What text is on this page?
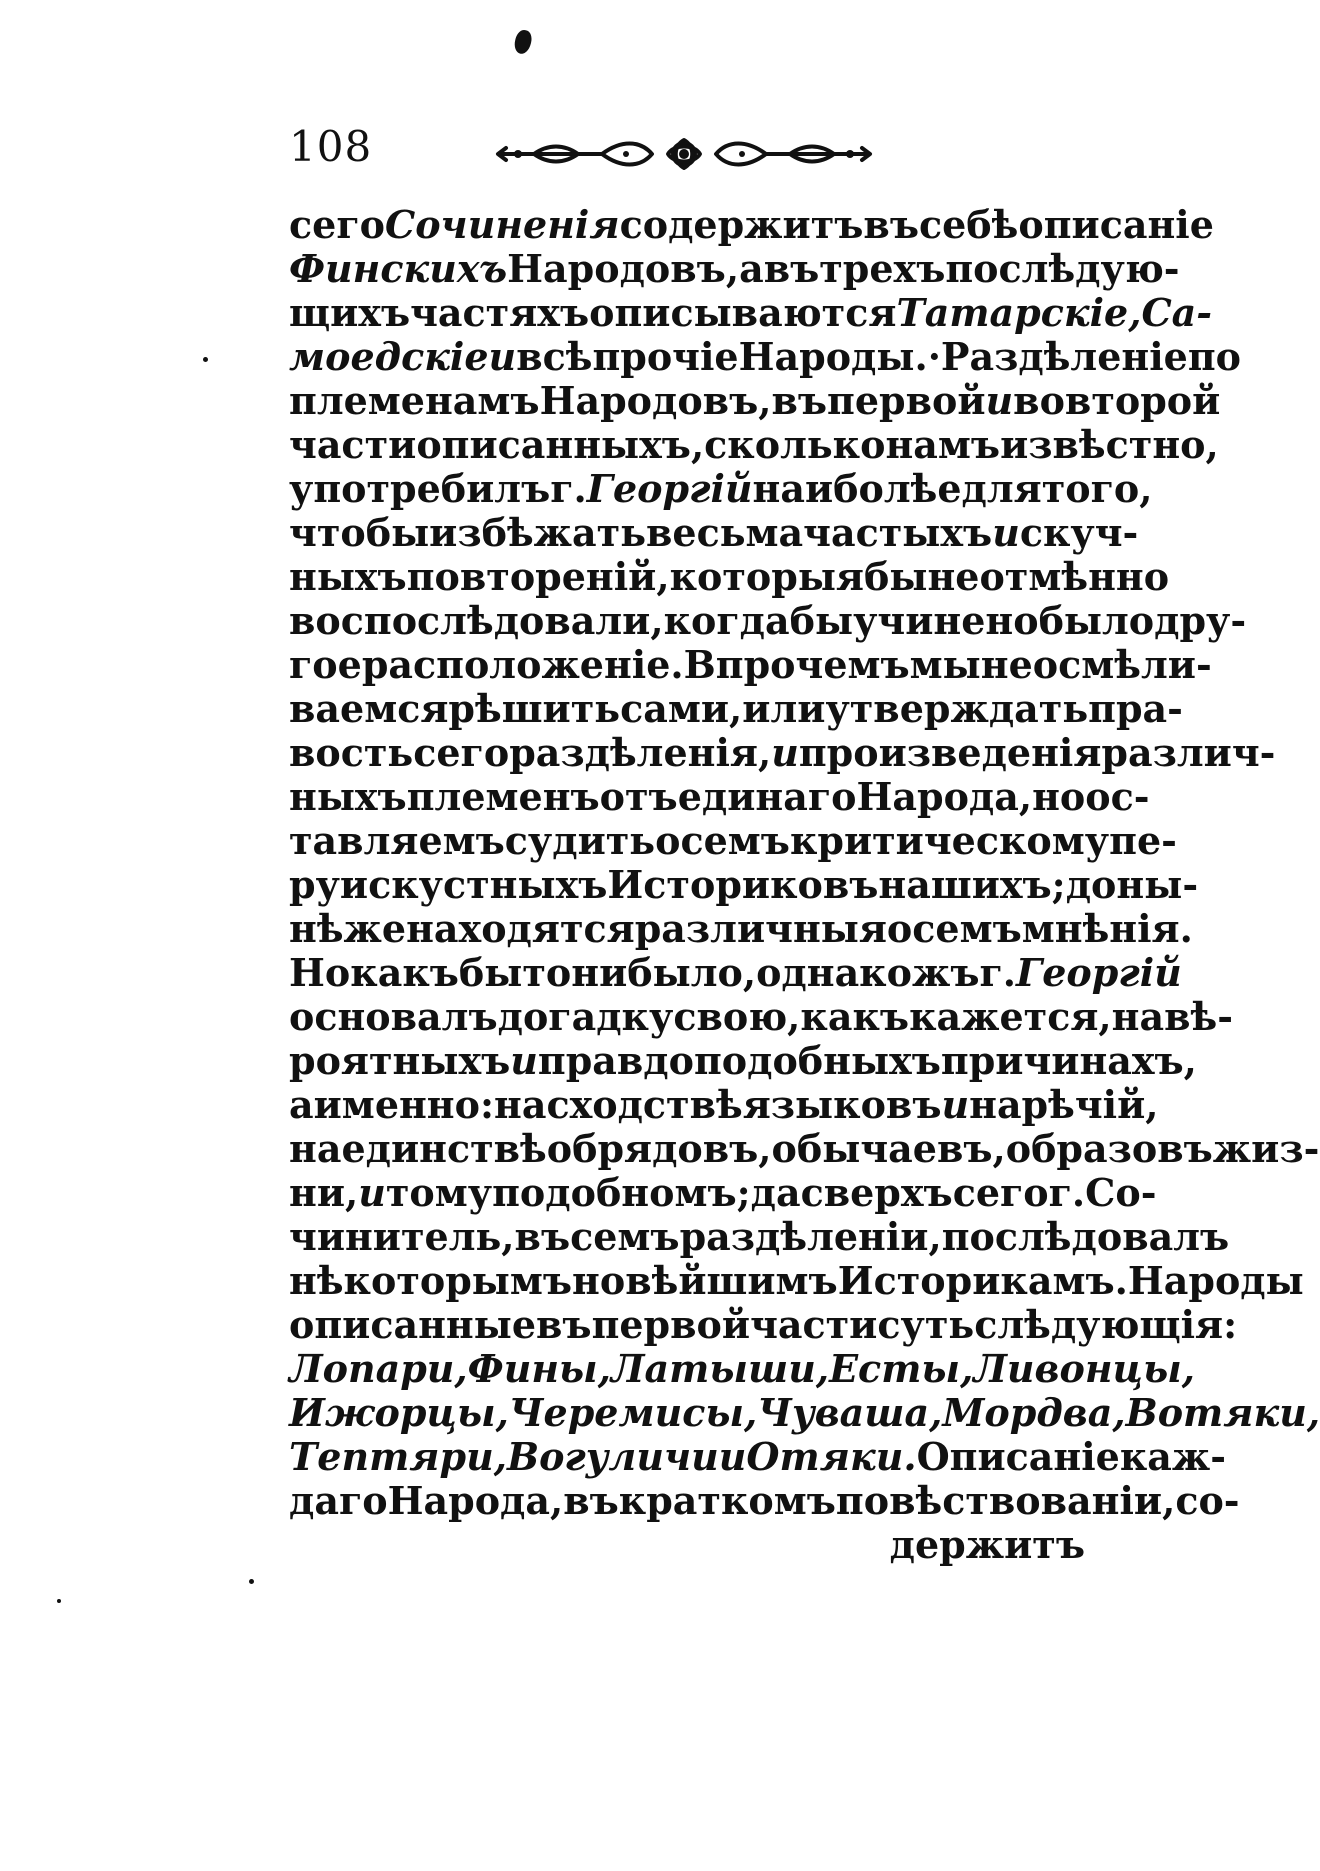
108
сего Сочиненія содержитъ въ себѣ описаніе
Финскихъ Народовъ, а въ трехъ послѣдую-
щихъ частяхъ описываются Татарскіе, Са-
моедскіе и всѣ прочіе Народы.·Раздѣленіе по
племенамъ Народовъ, въ первой и во второй
части описанныхъ, сколько намъ извѣстно,
употребилъ г. Георгій наиболѣе для того,
что бы избѣжать весьма частыхъ и скуч-
ныхъ повтореній, которыя бы неотмѣнно
воспослѣдовали, когда бы учинено было дру-
гое расположеніе. Впрочемъ мы не осмѣли-
ваемся рѣшить сами, или утверждать пра-
вость сего раздѣленія, и произведенія различ-
ныхъ племенъ отъ единаго Народа, но ос-
тавляемъ судить о семъ критическому пе-
ру искустныхъ Историковъ нашихъ; до ны-
нѣ же находятся различныя о семъ мнѣнія.
Но какъ бы то ни было, однакожъ г. Георгій
основалъ догадку свою, какъ кажется, на вѣ-
роятныхъ и правдоподобныхъ причинахъ,
а именно: на сходствѣ языковъ и нарѣчій,
на единствѣ обрядовъ, обычаевъ, образовъ жиз-
ни, и тому подобномъ; да сверхъ сего г. Со-
чинитель, въ семъ раздѣленіи, послѣдовалъ
нѣкоторымъ новѣйшимъ Историкамъ. Народы
описанные въ первой части суть слѣдующія:
Лопари, Фины, Латыши, Есты, Ливонцы,
Ижорцы, Черемисы, Чуваша, Мордва, Вотяки,
Тептяри, Вогуличи и Отяки. Описаніе каж-
даго Народа, въ краткомъ повѣствованіи, со-
держитъ
